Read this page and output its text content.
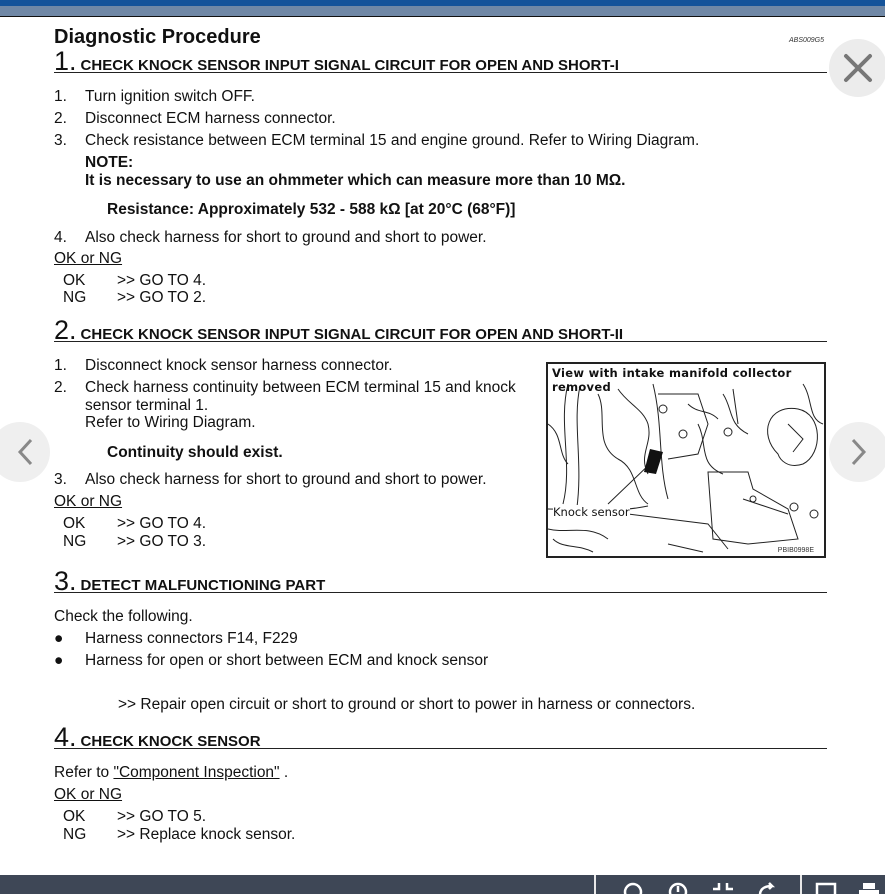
Diagnostic Procedure	ABS009G5
1. CHECK KNOCK SENSOR INPUT SIGNAL CIRCUIT FOR OPEN AND SHORT-I
1. Turn ignition switch OFF.
2. Disconnect ECM harness connector.
3. Check resistance between ECM terminal 15 and engine ground. Refer to Wiring Diagram.
NOTE:
It is necessary to use an ohmmeter which can measure more than 10 MΩ.
Resistance: Approximately 532 - 588 kΩ [at 20°C (68°F)]
4. Also check harness for short to ground and short to power.
OK or NG
OK >> GO TO 4.
NG >> GO TO 2.
2. CHECK KNOCK SENSOR INPUT SIGNAL CIRCUIT FOR OPEN AND SHORT-II
1. Disconnect knock sensor harness connector.
2. Check harness continuity between ECM terminal 15 and knock
sensor terminal 1.
Refer to Wiring Diagram.
Continuity should exist.
3. Also check harness for short to ground and short to power.
OK or NG
OK >> GO TO 4.
NG >> GO TO 3.
View with intake manifold collector removed
Knock sensor
PBIB0998E
3. DETECT MALFUNCTIONING PART
Check the following.
● Harness connectors F14, F229
● Harness for open or short between ECM and knock sensor
>> Repair open circuit or short to ground or short to power in harness or connectors.
4. CHECK KNOCK SENSOR
Refer to "Component Inspection" .
OK or NG
OK >> GO TO 5.
NG >> Replace knock sensor.
